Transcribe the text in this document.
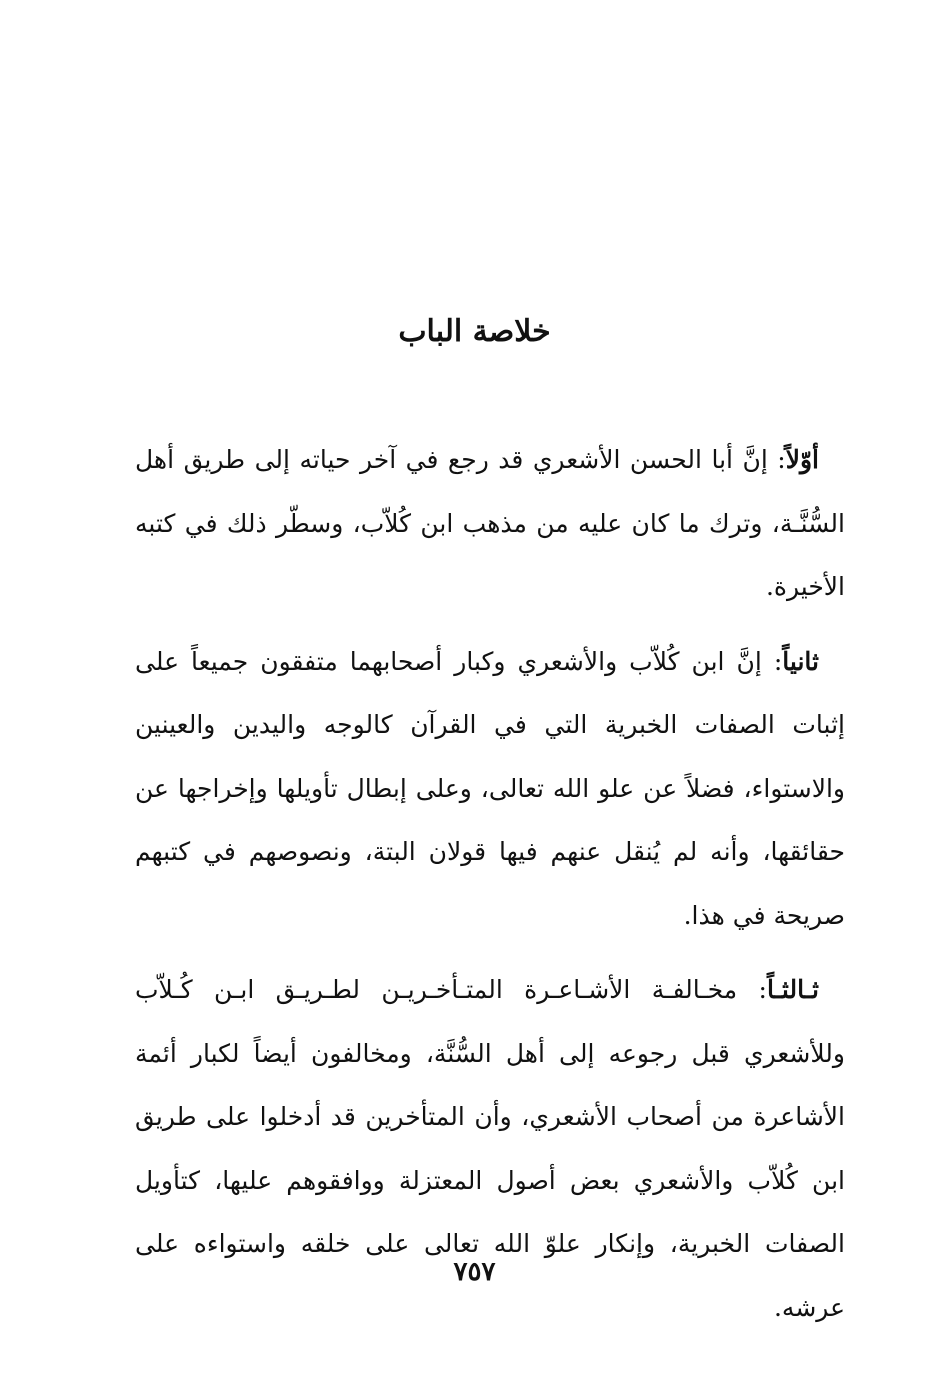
خلاصة الباب

أوّلاً: إنَّ أبا الحسن الأشعري قد رجع في آخر حياته إلى طريق أهل السُّنَّـة، وترك ما كان عليه من مذهب ابن كُلاّب، وسطّر ذلك في كتبه الأخيرة.

ثانياً: إنَّ ابن كُلاّب والأشعري وكبار أصحابهما متفقون جميعاً على إثبات الصفات الخبرية التي في القرآن كالوجه واليدين والعينين والاستواء، فضلاً عن علو الله تعالى، وعلى إبطال تأويلها وإخراجها عن حقائقها، وأنه لم يُنقل عنهم فيها قولان البتة، ونصوصهم في كتبهم صريحة في هذا.

ثـالثـاً: مخـالفـة الأشـاعـرة المتـأخـريـن لطـريـق ابـن كُـلاّب وللأشعري قبل رجوعه إلى أهل السُّنَّة، ومخالفون أيضاً لكبار أئمة الأشاعرة من أصحاب الأشعري، وأن المتأخرين قد أدخلوا على طريق ابن كُلاّب والأشعري بعض أصول المعتزلة ووافقوهم عليها، كتأويل الصفات الخبرية، وإنكار علوّ الله تعالى على خلقه واستواءه على عرشه.

٧٥٧
